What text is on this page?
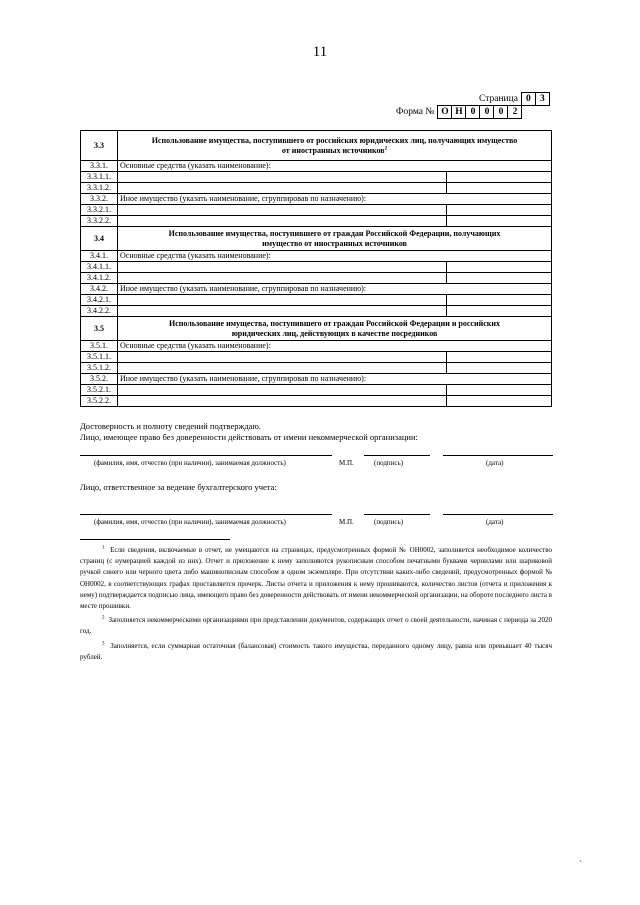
11
Страница 0 3
Форма № О Н 0 0 0 2
3.3	Использование имущества, поступившего от российских юридических лиц, получающих имущество
от иностранных источников$^2$
3.3.1.	Основные средства (указать наименование):	
3.3.1.1.		
3.3.1.2.		
3.3.2.	Иное имущество (указать наименование, сгруппировав по назначению):	
3.3.2.1.		
3.3.2.2.		
3.4	Использование имущества, поступившего от граждан Российской Федерации, получающих
имущество от иностранных источников	
3.4.1.	Основные средства (указать наименование):	
3.4.1.1.		
3.4.1.2.		
3.4.2.	Иное имущество (указать наименование, сгруппировав по назначению):	
3.4.2.1.		
3.4.2.2.		
3.5	Использование имущества, поступившего от граждан Российской Федерации и российских
юридических лиц, действующих в качестве посредников	
3.5.1.	Основные средства (указать наименование):	
3.5.1.1.		
3.5.1.2.		
3.5.2.	Иное имущество (указать наименование, сгруппировав по назначению):	
3.5.2.1.		
3.5.2.2.		
Достоверность и полноту сведений подтверждаю.
Лицо, имеющее право без доверенности действовать от имени некоммерческой организации:
(фамилия, имя, отчество (при наличии), занимаемая должность)	М.П.	(подпись)	(дата)
Лицо, ответственное за ведение бухгалтерского учета:
(фамилия, имя, отчество (при наличии), занимаемая должность)	М.П.	(подпись)	(дата)

$^1$ Если сведения, включаемые в отчет, не умещаются на страницах, предусмотренных формой № ОН0002, заполняется необходимое количество страниц (с нумерацией каждой из них). Отчет и приложение к нему заполняются рукописным способом печатными буквами чернилами или шариковой ручкой синего или черного цвета либо машинописным способом в одном экземпляре. При отсутствии каких-либо сведений, предусмотренных формой № ОН0002, в соответствующих графах проставляется прочерк. Листы отчета и приложения к нему прошиваются, количество листов (отчета и приложения к нему) подтверждается подписью лица, имеющего право без доверенности действовать от имени некоммерческой организации, на обороте последнего листа в месте прошивки.

$^2$ Заполняется некоммерческими организациями при представлении документов, содержащих отчет о своей деятельности, начиная с периода за 2020 год.

$^3$ Заполняется, если суммарная остаточная (балансовая) стоимость такого имущества, переданного одному лицу, равна или превышает 40 тысяч рублей.

ˏ
